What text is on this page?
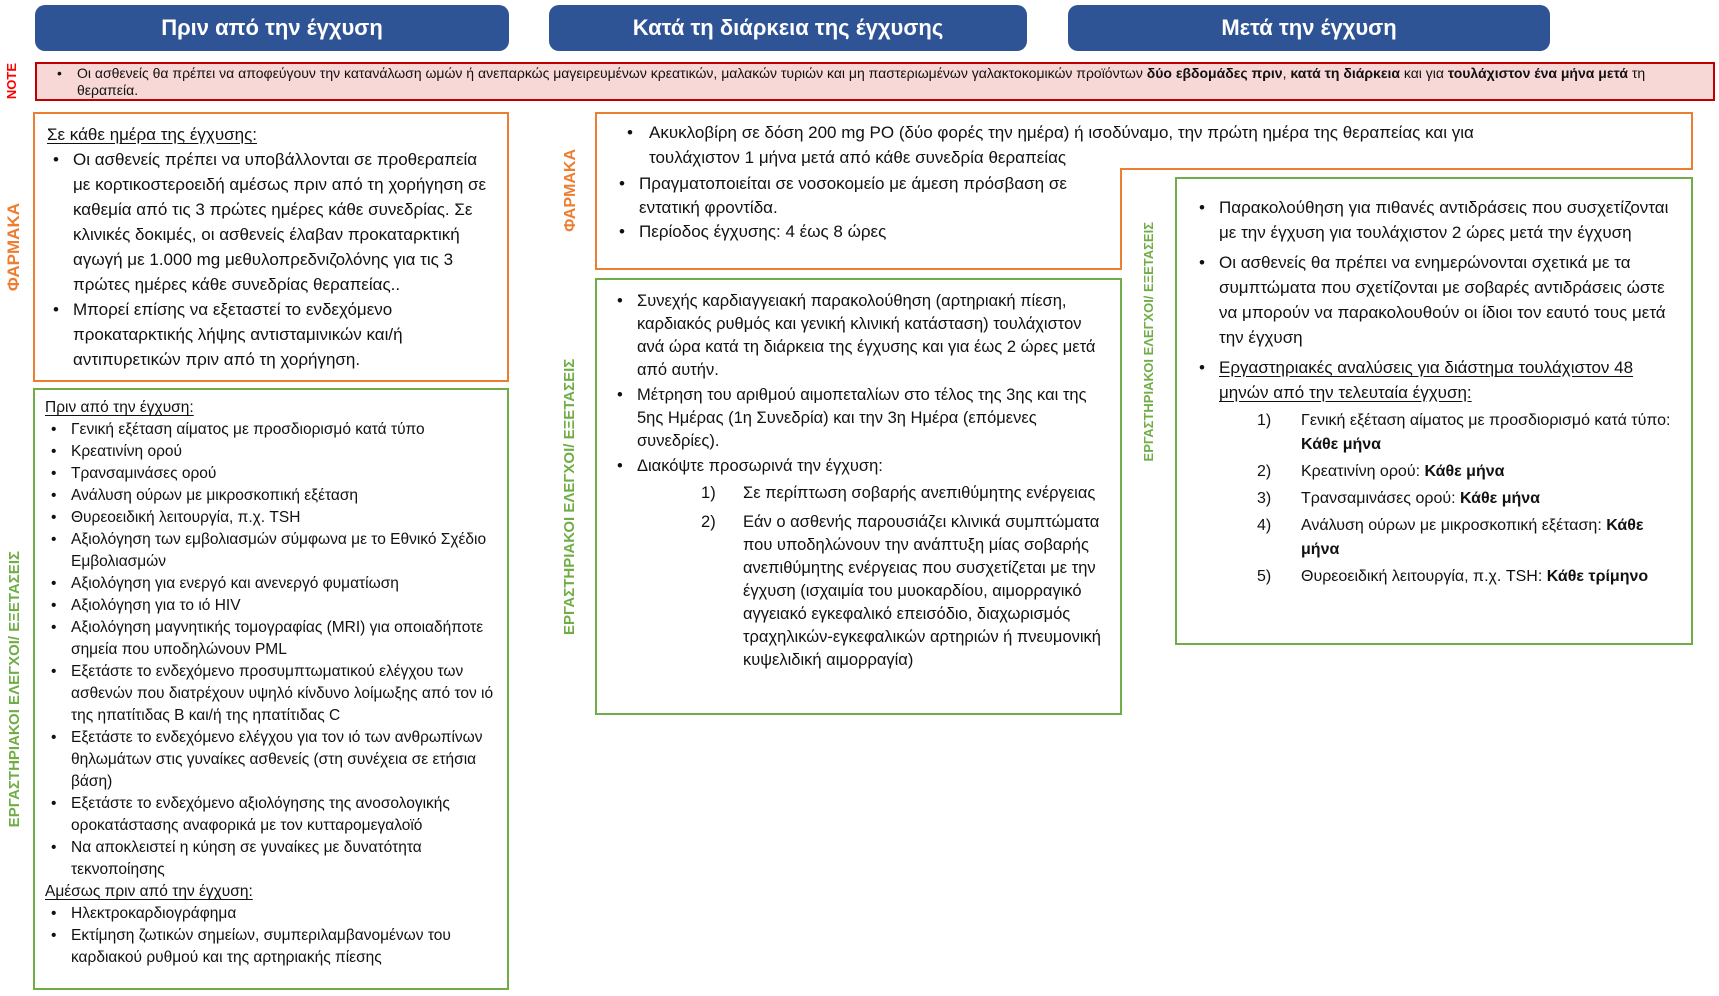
Πριν από την έγχυση	Κατά τη διάρκεια της έγχυσης	Μετά την έγχυση
NOTE	• Οι ασθενείς θα πρέπει να αποφεύγουν την κατανάλωση ωμών ή ανεπαρκώς μαγειρευμένων κρεατικών, μαλακών τυριών και μη παστεριωμένων γαλακτοκομικών προϊόντων δύο εβδομάδες πριν, κατά τη διάρκεια και για τουλάχιστον ένα μήνα μετά τη θεραπεία.
ΦΑΡΜΑΚΑ
Σε κάθε ημέρα της έγχυσης:
• Οι ασθενείς πρέπει να υποβάλλονται σε προθεραπεία με κορτικοστεροειδή αμέσως πριν από τη χορήγηση σε καθεμία από τις 3 πρώτες ημέρες κάθε συνεδρίας. Σε κλινικές δοκιμές, οι ασθενείς έλαβαν προκαταρκτική αγωγή με 1.000 mg μεθυλοπρεδνιζολόνης για τις 3 πρώτες ημέρες κάθε συνεδρίας θεραπείας..
• Μπορεί επίσης να εξεταστεί το ενδεχόμενο προκαταρκτικής λήψης αντισταμινικών και/ή αντιπυρετικών πριν από τη χορήγηση.
ΕΡΓΑΣΤΗΡΙΑΚΟΙ ΕΛΕΓΧΟΙ/ ΕΞΕΤΑΣΕΙΣ
Πριν από την έγχυση:
• Γενική εξέταση αίματος με προσδιορισμό κατά τύπο
• Κρεατινίνη ορού
• Τρανσαμινάσες ορού
• Ανάλυση ούρων με μικροσκοπική εξέταση
• Θυρεοειδική λειτουργία, π.χ. TSH
• Αξιολόγηση των εμβολιασμών σύμφωνα με το Εθνικό Σχέδιο Εμβολιασμών
• Αξιολόγηση για ενεργό και ανενεργό φυματίωση
• Αξιολόγηση για το ιό HIV
• Αξιολόγηση μαγνητικής τομογραφίας (MRI) για οποιαδήποτε σημεία που υποδηλώνουν PML
• Εξετάστε το ενδεχόμενο προσυμπτωματικού ελέγχου των ασθενών που διατρέχουν υψηλό κίνδυνο λοίμωξης από τον ιό της ηπατίτιδας B και/ή της ηπατίτιδας C
• Εξετάστε το ενδεχόμενο ελέγχου για τον ιό των ανθρωπίνων θηλωμάτων στις γυναίκες ασθενείς (στη συνέχεια σε ετήσια βάση)
• Εξετάστε το ενδεχόμενο αξιολόγησης της ανοσολογικής οροκατάστασης αναφορικά με τον κυτταρομεγαλοϊό
• Να αποκλειστεί η κύηση σε γυναίκες με δυνατότητα τεκνοποίησης
Αμέσως πριν από την έγχυση:
• Ηλεκτροκαρδιογράφημα
• Εκτίμηση ζωτικών σημείων, συμπεριλαμβανομένων του καρδιακού ρυθμού και της αρτηριακής πίεσης
ΦΑΡΜΑΚΑ
• Ακυκλοβίρη σε δόση 200 mg PO (δύο φορές την ημέρα) ή ισοδύναμο, την πρώτη ημέρα της θεραπείας και για τουλάχιστον 1 μήνα μετά από κάθε συνεδρία θεραπείας
• Πραγματοποιείται σε νοσοκομείο με άμεση πρόσβαση σε εντατική φροντίδα.
• Περίοδος έγχυσης: 4 έως 8 ώρες
ΕΡΓΑΣΤΗΡΙΑΚΟΙ ΕΛΕΓΧΟΙ/ ΕΞΕΤΑΣΕΙΣ
• Συνεχής καρδιαγγειακή παρακολούθηση (αρτηριακή πίεση, καρδιακός ρυθμός και γενική κλινική κατάσταση) τουλάχιστον ανά ώρα κατά τη διάρκεια της έγχυσης και για έως 2 ώρες μετά από αυτήν.
• Μέτρηση του αριθμού αιμοπεταλίων στο τέλος της 3ης και της 5ης Ημέρας (1η Συνεδρία) και την 3η Ημέρα (επόμενες συνεδρίες).
• Διακόψτε προσωρινά την έγχυση:
Σε περίπτωση σοβαρής ανεπιθύμητης ενέργειας
Εάν ο ασθενής παρουσιάζει κλινικά συμπτώματα που υποδηλώνουν την ανάπτυξη μίας σοβαρής ανεπιθύμητης ενέργειας που συσχετίζεται με την έγχυση (ισχαιμία του μυοκαρδίου, αιμορραγικό αγγειακό εγκεφαλικό επεισόδιο, διαχωρισμός τραχηλικών-εγκεφαλικών αρτηριών ή πνευμονική κυψελιδική αιμορραγία)
ΕΡΓΑΣΤΗΡΙΑΚΟΙ ΕΛΕΓΧΟΙ/ ΕΞΕΤΑΣΕΙΣ
• Παρακολούθηση για πιθανές αντιδράσεις που συσχετίζονται με την έγχυση για τουλάχιστον 2 ώρες μετά την έγχυση
• Οι ασθενείς θα πρέπει να ενημερώνονται σχετικά με τα συμπτώματα που σχετίζονται με σοβαρές αντιδράσεις ώστε να μπορούν να παρακολουθούν οι ίδιοι τον εαυτό τους μετά την έγχυση
• Εργαστηριακές αναλύσεις για διάστημα τουλάχιστον 48 μηνών από την τελευταία έγχυση:
Γενική εξέταση αίματος με προσδιορισμό κατά τύπο: Κάθε μήνα
Κρεατινίνη ορού: Κάθε μήνα
Τρανσαμινάσες ορού: Κάθε μήνα
Ανάλυση ούρων με μικροσκοπική εξέταση: Κάθε μήνα
Θυρεοειδική λειτουργία, π.χ. TSH: Κάθε τρίμηνο
